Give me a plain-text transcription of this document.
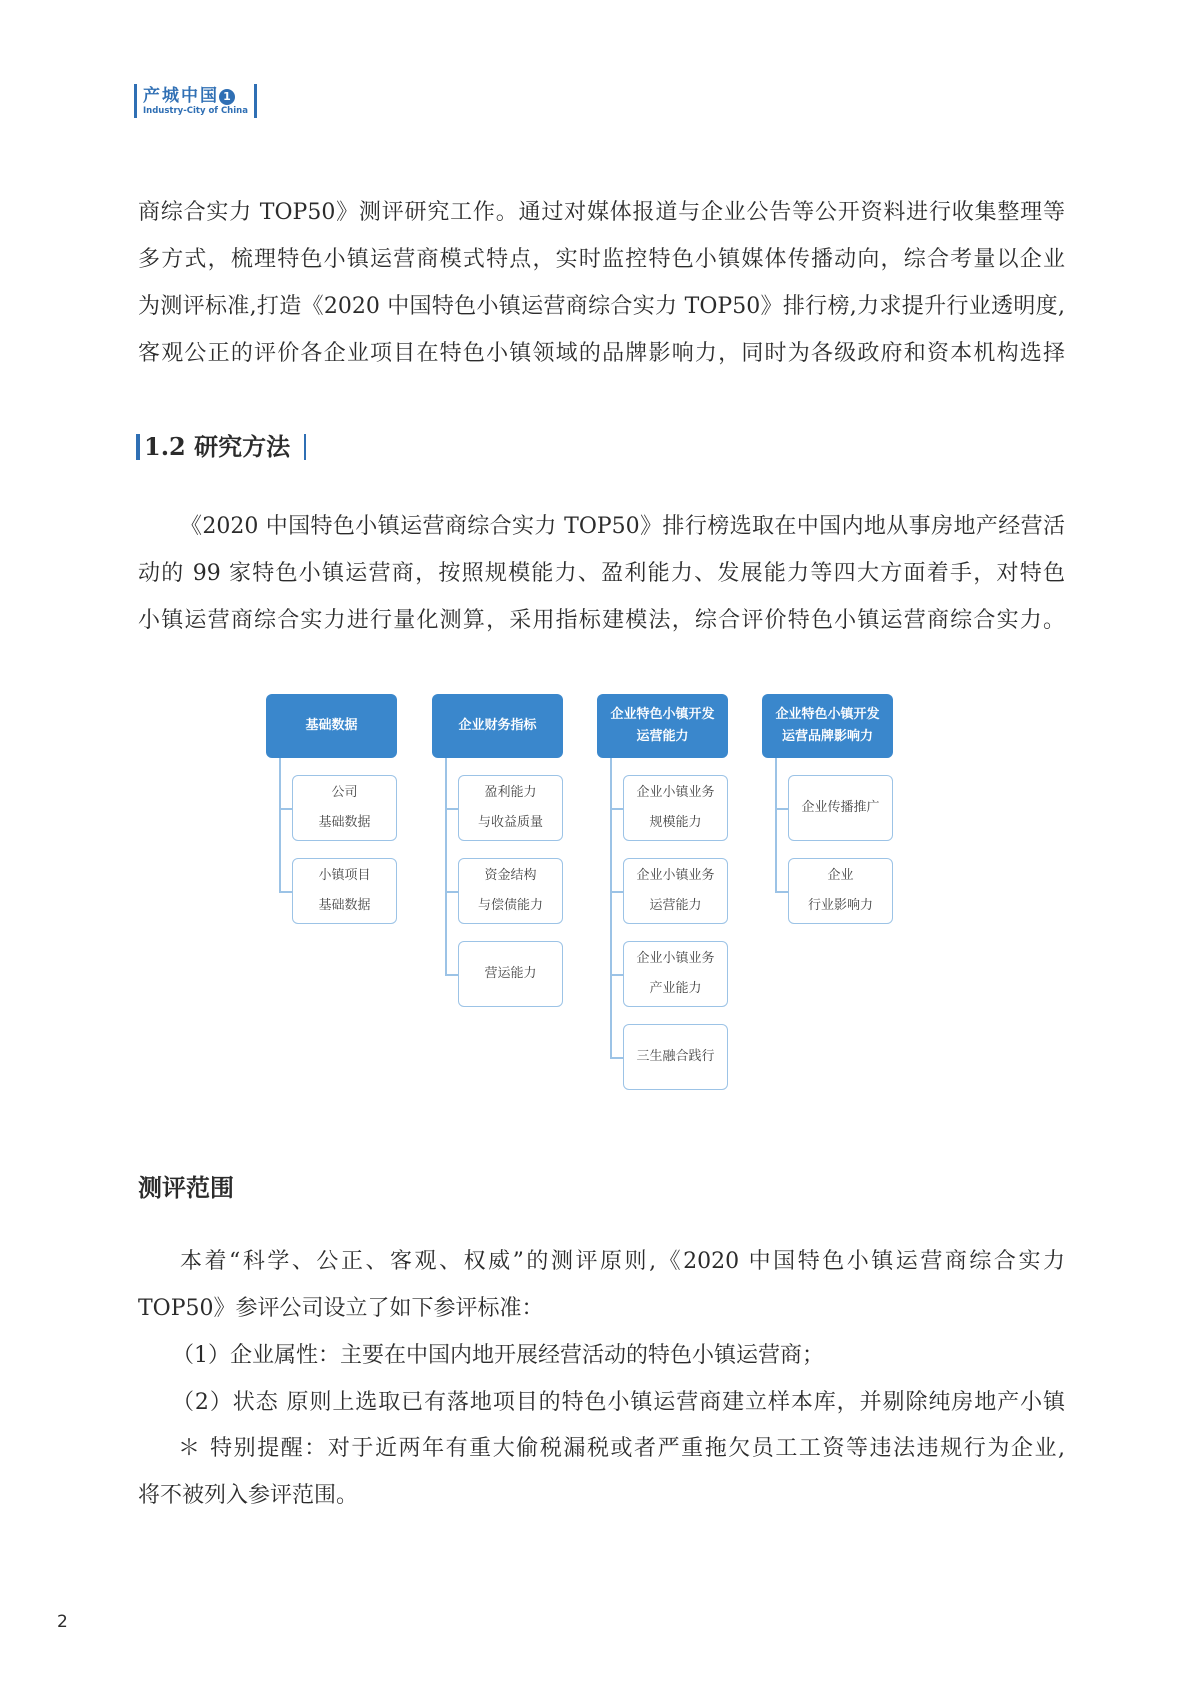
产城中国 1
Industry-City of China
商综合实力 TOP50》测评研究工作。通过对媒体报道与企业公告等公开资料进行收集整理等
多方式，梳理特色小镇运营商模式特点，实时监控特色小镇媒体传播动向，综合考量以企业
为测评标准,打造《2020 中国特色小镇运营商综合实力 TOP50》排行榜,力求提升行业透明度,
客观公正的评价各企业项目在特色小镇领域的品牌影响力，同时为各级政府和资本机构选择
1.2 研究方法
《2020 中国特色小镇运营商综合实力 TOP50》排行榜选取在中国内地从事房地产经营活
动的 99 家特色小镇运营商，按照规模能力、盈利能力、发展能力等四大方面着手，对特色
小镇运营商综合实力进行量化测算，采用指标建模法，综合评价特色小镇运营商综合实力。
基础数据
公司
基础数据
小镇项目
基础数据
企业财务指标
盈利能力
与收益质量
资金结构
与偿债能力
营运能力
企业特色小镇开发
运营能力
企业小镇业务
规模能力
企业小镇业务
运营能力
企业小镇业务
产业能力
三生融合践行
企业特色小镇开发
运营品牌影响力
企业传播推广
企业
行业影响力
测评范围
本着“科学、公正、客观、权威”的测评原则,《2020 中国特色小镇运营商综合实力
TOP50》参评公司设立了如下参评标准：
（1）企业属性：主要在中国内地开展经营活动的特色小镇运营商；
（2）状态 原则上选取已有落地项目的特色小镇运营商建立样本库，并剔除纯房地产小镇
＊ 特别提醒：对于近两年有重大偷税漏税或者严重拖欠员工工资等违法违规行为企业,
将不被列入参评范围。
2
